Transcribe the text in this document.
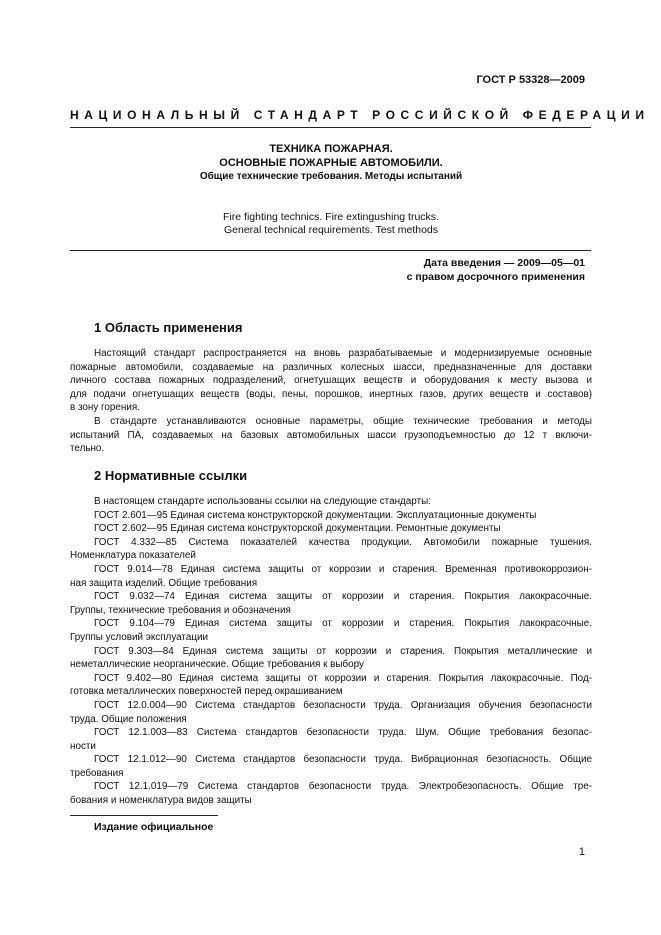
ГОСТ Р 53328—2009
НАЦИОНАЛЬНЫЙ СТАНДАРТ РОССИЙСКОЙ ФЕДЕРАЦИИ
ТЕХНИКА ПОЖАРНАЯ.
ОСНОВНЫЕ ПОЖАРНЫЕ АВТОМОБИЛИ.
Общие технические требования. Методы испытаний
Fire fighting technics. Fire extingushing trucks.
General technical requirements. Test methods
Дата введения — 2009—05—01
с правом досрочного применения
1 Область применения
Настоящий стандарт распространяется на вновь разрабатываемые и модернизируемые основные
пожарные автомобили, создаваемые на различных колесных шасси, предназначенные для доставки
личного состава пожарных подразделений, огнетушащих веществ и оборудования к месту вызова и
для подачи огнетушащих веществ (воды, пены, порошков, инертных газов, других веществ и составов)
в зону горения.
В стандарте устанавливаются основные параметры, общие технические требования и методы
испытаний ПА, создаваемых на базовых автомобильных шасси грузоподъемностью до 12 т включи-
тельно.
2 Нормативные ссылки
В настоящем стандарте использованы ссылки на следующие стандарты:
ГОСТ 2.601—95 Единая система конструкторской документации. Эксплуатационные документы
ГОСТ 2.602—95 Единая система конструкторской документации. Ремонтные документы
ГОСТ 4.332—85 Система показателей качества продукции. Автомобили пожарные тушения.
Номенклатура показателей
ГОСТ 9.014—78 Единая система защиты от коррозии и старения. Временная противокоррозион-
ная защита изделий. Общие требования
ГОСТ 9.032—74 Единая система защиты от коррозии и старения. Покрытия лакокрасочные.
Группы, технические требования и обозначения
ГОСТ 9.104—79 Единая система защиты от коррозии и старения. Покрытия лакокрасочные.
Группы условий эксплуатации
ГОСТ 9.303—84 Единая система защиты от коррозии и старения. Покрытия металлические и
неметаллические неорганические. Общие требования к выбору
ГОСТ 9.402—80 Единая система защиты от коррозии и старения. Покрытия лакокрасочные. Под-
готовка металлических поверхностей перед окрашиванием
ГОСТ 12.0.004—90 Система стандартов безопасности труда. Организация обучения безопасности
труда. Общие положения
ГОСТ 12.1.003—83 Система стандартов безопасности труда. Шум. Общие требования безопас-
ности
ГОСТ 12.1.012—90 Система стандартов безопасности труда. Вибрационная безопасность. Общие
требования
ГОСТ 12.1.019—79 Система стандартов безопасности труда. Электробезопасность. Общие тре-
бования и номенклатура видов защиты
Издание официальное
1
